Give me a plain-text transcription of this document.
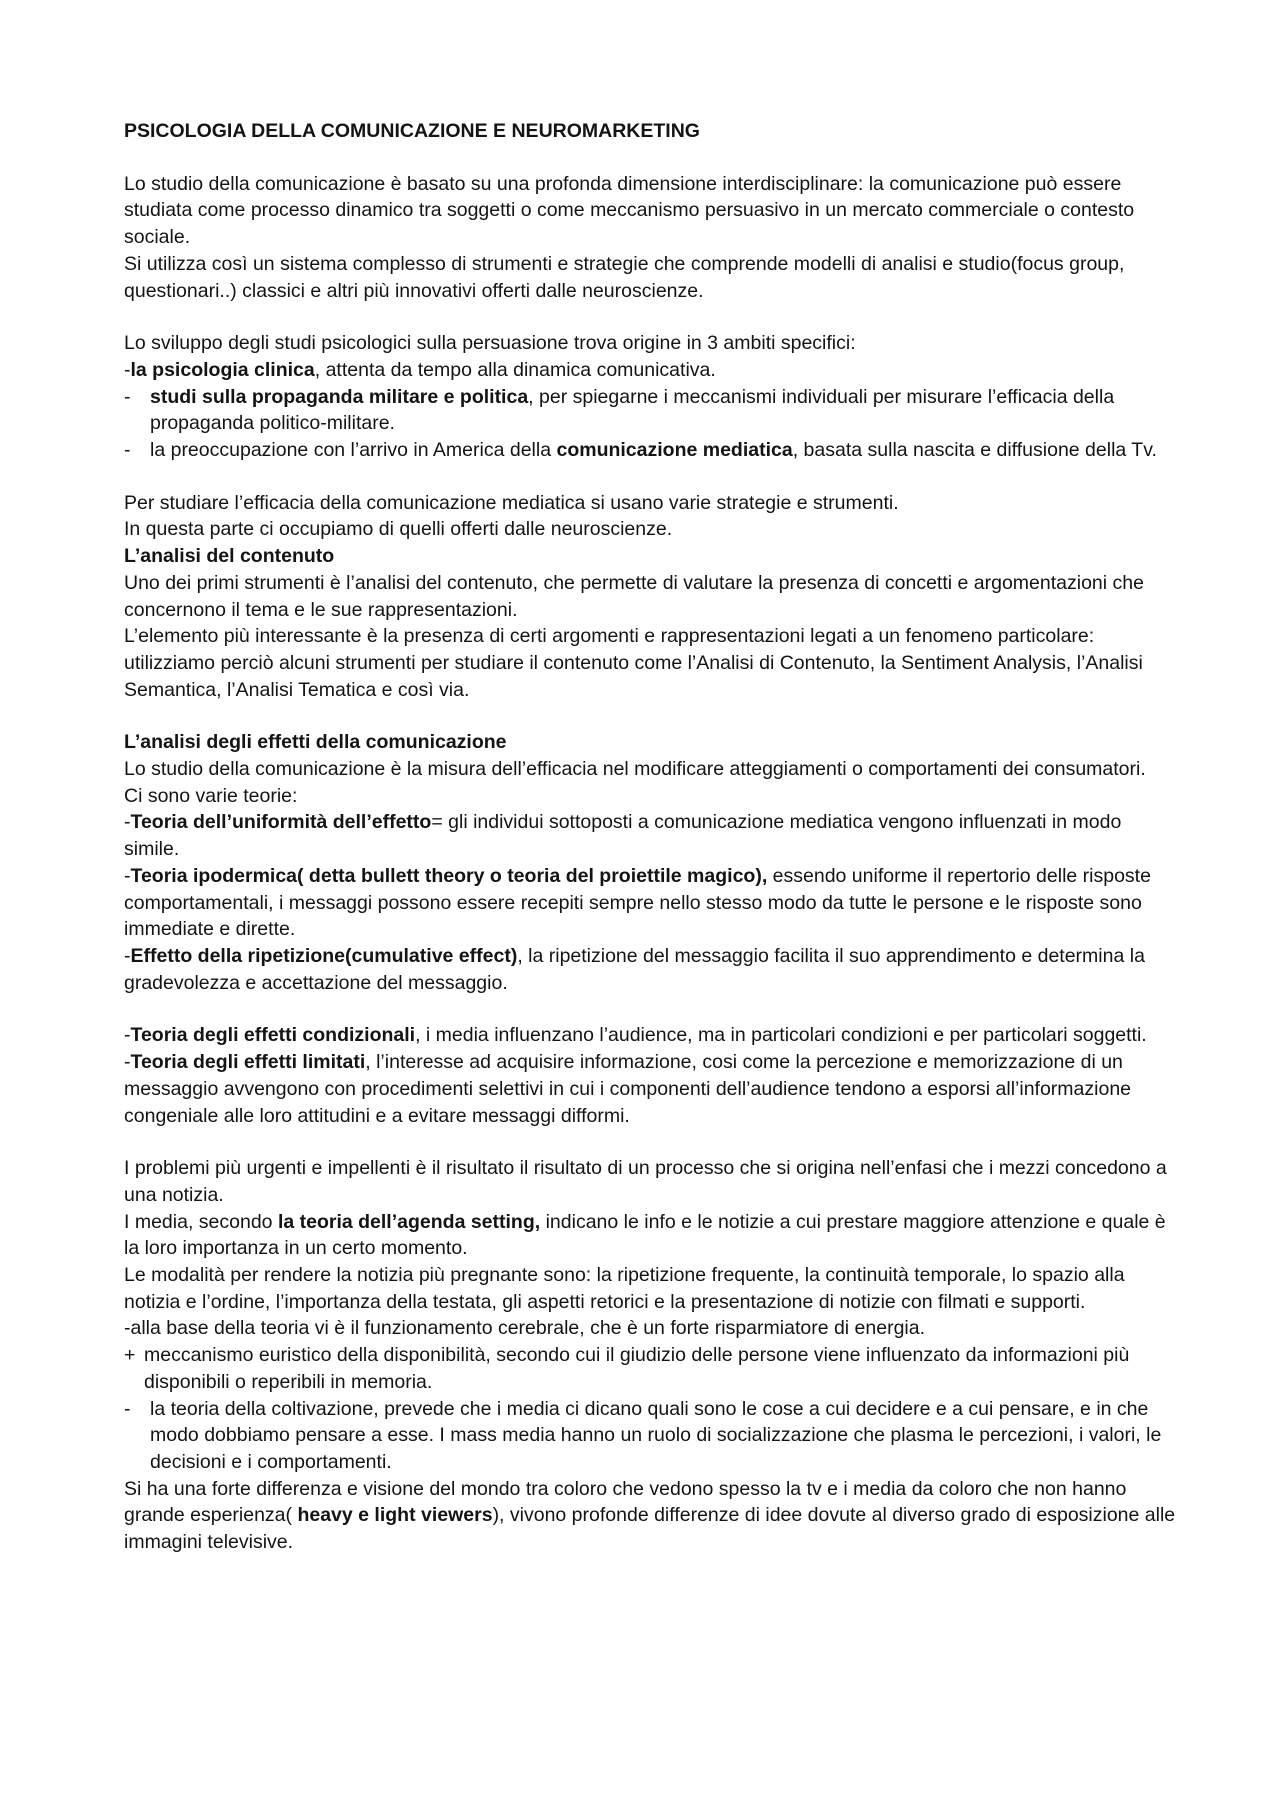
PSICOLOGIA DELLA COMUNICAZIONE E NEUROMARKETING

Lo studio della comunicazione è basato su una profonda dimensione interdisciplinare: la comunicazione può essere studiata come processo dinamico tra soggetti o come meccanismo persuasivo in un mercato commerciale o contesto sociale.

Si utilizza così un sistema complesso di strumenti e strategie che comprende modelli di analisi e studio(focus group, questionari..) classici e altri più innovativi offerti dalle neuroscienze.

Lo sviluppo degli studi psicologici sulla persuasione trova origine in 3 ambiti specifici:

-la psicologia clinica, attenta da tempo alla dinamica comunicativa.

- studi sulla propaganda militare e politica, per spiegarne i meccanismi individuali per misurare l’efficacia della propaganda politico-militare.

- la preoccupazione con l’arrivo in America della comunicazione mediatica, basata sulla nascita e diffusione della Tv.

Per studiare l’efficacia della comunicazione mediatica si usano varie strategie e strumenti.

In questa parte ci occupiamo di quelli offerti dalle neuroscienze.

L’analisi del contenuto

Uno dei primi strumenti è l’analisi del contenuto, che permette di valutare la presenza di concetti e argomentazioni che concernono il tema e le sue rappresentazioni.

L’elemento più interessante è la presenza di certi argomenti e rappresentazioni legati a un fenomeno particolare: utilizziamo perciò alcuni strumenti per studiare il contenuto come l’Analisi di Contenuto, la Sentiment Analysis, l’Analisi Semantica, l’Analisi Tematica e così via.

L’analisi degli effetti della comunicazione

Lo studio della comunicazione è la misura dell’efficacia nel modificare atteggiamenti o comportamenti dei consumatori.

Ci sono varie teorie:

-Teoria dell’uniformità dell’effetto= gli individui sottoposti a comunicazione mediatica vengono influenzati in modo simile.

-Teoria ipodermica( detta bullett theory o teoria del proiettile magico), essendo uniforme il repertorio delle risposte comportamentali, i messaggi possono essere recepiti sempre nello stesso modo da tutte le persone e le risposte sono immediate e dirette.

-Effetto della ripetizione(cumulative effect), la ripetizione del messaggio facilita il suo apprendimento e determina la gradevolezza e accettazione del messaggio.

-Teoria degli effetti condizionali, i media influenzano l’audience, ma in particolari condizioni e per particolari soggetti.

-Teoria degli effetti limitati, l’interesse ad acquisire informazione, cosi come la percezione e memorizzazione di un messaggio avvengono con procedimenti selettivi in cui i componenti dell’audience tendono a esporsi all’informazione congeniale alle loro attitudini e a evitare messaggi difformi.

I problemi più urgenti e impellenti è il risultato il risultato di un processo che si origina nell’enfasi che i mezzi concedono a una notizia.

I media, secondo la teoria dell’agenda setting, indicano le info e le notizie a cui prestare maggiore attenzione e quale è la loro importanza in un certo momento.

Le modalità per rendere la notizia più pregnante sono: la ripetizione frequente, la continuità temporale, lo spazio alla notizia e l’ordine, l’importanza della testata, gli aspetti retorici e la presentazione di notizie con filmati e supporti.

-alla base della teoria vi è il funzionamento cerebrale, che è un forte risparmiatore di energia.

+ meccanismo euristico della disponibilità, secondo cui il giudizio delle persone viene influenzato da informazioni più disponibili o reperibili in memoria.

- la teoria della coltivazione, prevede che i media ci dicano quali sono le cose a cui decidere e a cui pensare, e in che modo dobbiamo pensare a esse. I mass media hanno un ruolo di socializzazione che plasma le percezioni, i valori, le decisioni e i comportamenti.

Si ha una forte differenza e visione del mondo tra coloro che vedono spesso la tv e i media da coloro che non hanno grande esperienza( heavy e light viewers), vivono profonde differenze di idee dovute al diverso grado di esposizione alle immagini televisive.
